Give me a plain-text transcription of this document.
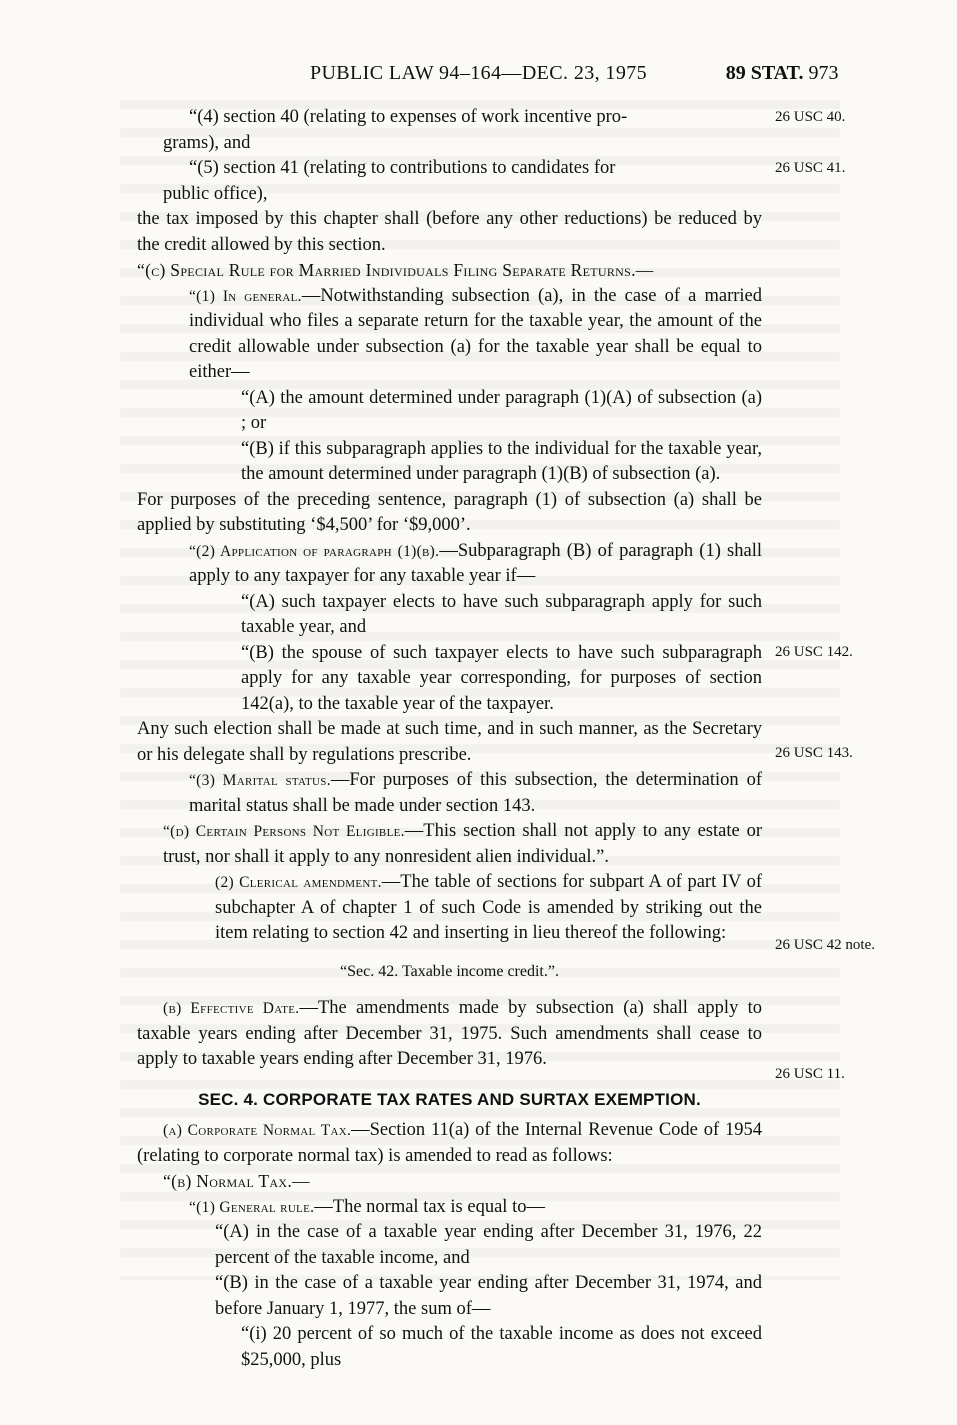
PUBLIC LAW 94–164—DEC. 23, 1975	89 STAT. 973
26 USC 40.
26 USC 41.
26 USC 142.
26 USC 143.
26 USC 42 note.
26 USC 11.

“(4) section 40 (relating to expenses of work incentive pro-

grams), and

“(5) section 41 (relating to contributions to candidates for

public office),

the tax imposed by this chapter shall (before any other reductions) be reduced by the credit allowed by this section.

“(c) Special Rule for Married Individuals Filing Separate Returns.—

“(1) In general.—Notwithstanding subsection (a), in the case of a married individual who files a separate return for the taxable year, the amount of the credit allowable under subsection (a) for the taxable year shall be equal to either—

“(A) the amount determined under paragraph (1)(A) of subsection (a) ; or

“(B) if this subparagraph applies to the individual for the taxable year, the amount determined under paragraph (1)(B) of subsection (a).

For purposes of the preceding sentence, paragraph (1) of subsection (a) shall be applied by substituting ‘$4,500’ for ‘$9,000’.

“(2) Application of paragraph (1)(b).—Subparagraph (B) of paragraph (1) shall apply to any taxpayer for any taxable year if—

“(A) such taxpayer elects to have such subparagraph apply for such taxable year, and

“(B) the spouse of such taxpayer elects to have such subparagraph apply for any taxable year corresponding, for purposes of section 142(a), to the taxable year of the taxpayer.

Any such election shall be made at such time, and in such manner, as the Secretary or his delegate shall by regulations prescribe.

“(3) Marital status.—For purposes of this subsection, the determination of marital status shall be made under section 143.

“(d) Certain Persons Not Eligible.—This section shall not apply to any estate or trust, nor shall it apply to any nonresident alien individual.”.

(2) Clerical amendment.—The table of sections for subpart A of part IV of subchapter A of chapter 1 of such Code is amended by striking out the item relating to section 42 and inserting in lieu thereof the following:

“Sec. 42. Taxable income credit.”.

(b) Effective Date.—The amendments made by subsection (a) shall apply to taxable years ending after December 31, 1975. Such amendments shall cease to apply to taxable years ending after December 31, 1976.

SEC. 4. CORPORATE TAX RATES AND SURTAX EXEMPTION.

(a) Corporate Normal Tax.—Section 11(a) of the Internal Revenue Code of 1954 (relating to corporate normal tax) is amended to read as follows:

“(b) Normal Tax.—

“(1) General rule.—The normal tax is equal to—

“(A) in the case of a taxable year ending after December 31, 1976, 22 percent of the taxable income, and

“(B) in the case of a taxable year ending after December 31, 1974, and before January 1, 1977, the sum of—

“(i) 20 percent of so much of the taxable income as does not exceed $25,000, plus
